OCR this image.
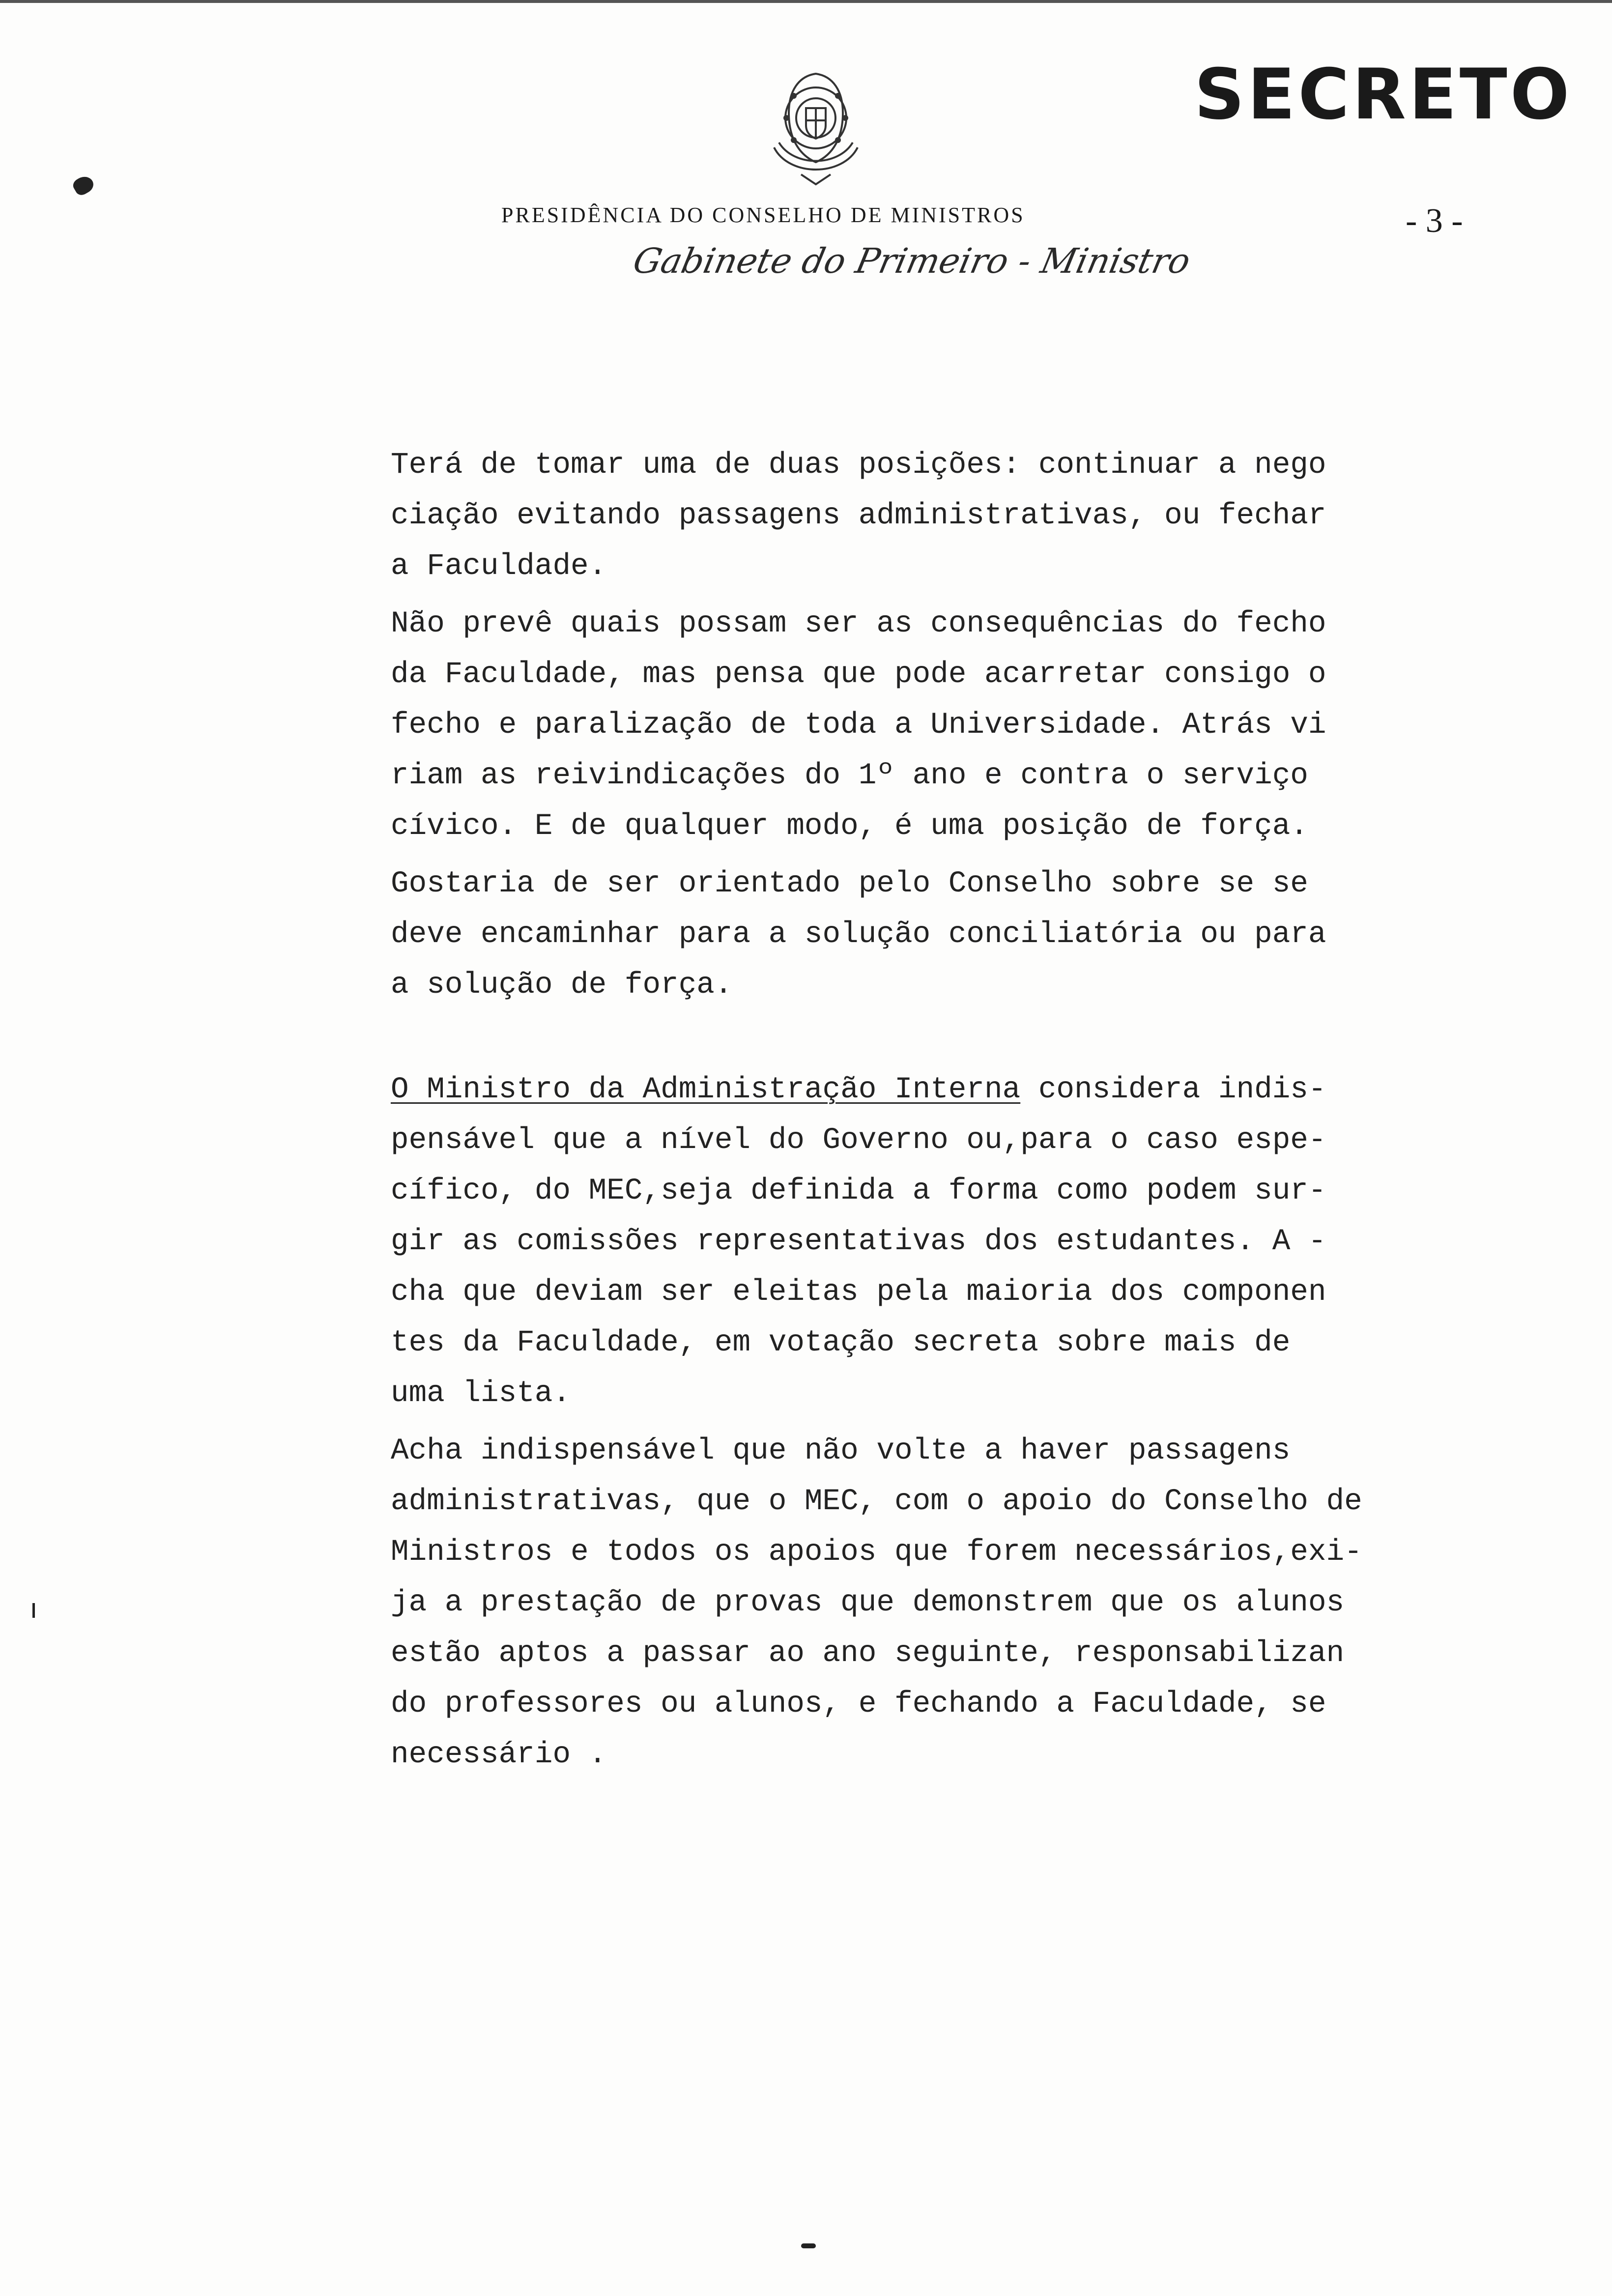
SECRETO
PRESIDÊNCIA DO CONSELHO DE MINISTROS	- 3 -
Gabinete do Primeiro - Ministro

Terá de tomar uma de duas posições: continuar a nego
ciação evitando passagens administrativas, ou fechar
a Faculdade.

Não prevê quais possam ser as consequências do fecho
da Faculdade, mas pensa que pode acarretar consigo o
fecho e paralização de toda a Universidade. Atrás vi
riam as reivindicações do 1º ano e contra o serviço
cívico. E de qualquer modo, é uma posição de força.

Gostaria de ser orientado pelo Conselho sobre se se
deve encaminhar para a solução conciliatória ou para
a solução de força.

O Ministro da Administração Interna considera indis-
pensável que a nível do Governo ou,para o caso espe-
cífico, do MEC,seja definida a forma como podem sur-
gir as comissões representativas dos estudantes. A -
cha que deviam ser eleitas pela maioria dos componen
tes da Faculdade, em votação secreta sobre mais de
uma lista.

Acha indispensável que não volte a haver passagens
administrativas, que o MEC, com o apoio do Conselho de
Ministros e todos os apoios que forem necessários,exi-
ja a prestação de provas que demonstrem que os alunos
estão aptos a passar ao ano seguinte, responsabilizan
do professores ou alunos, e fechando a Faculdade, se
necessário .
